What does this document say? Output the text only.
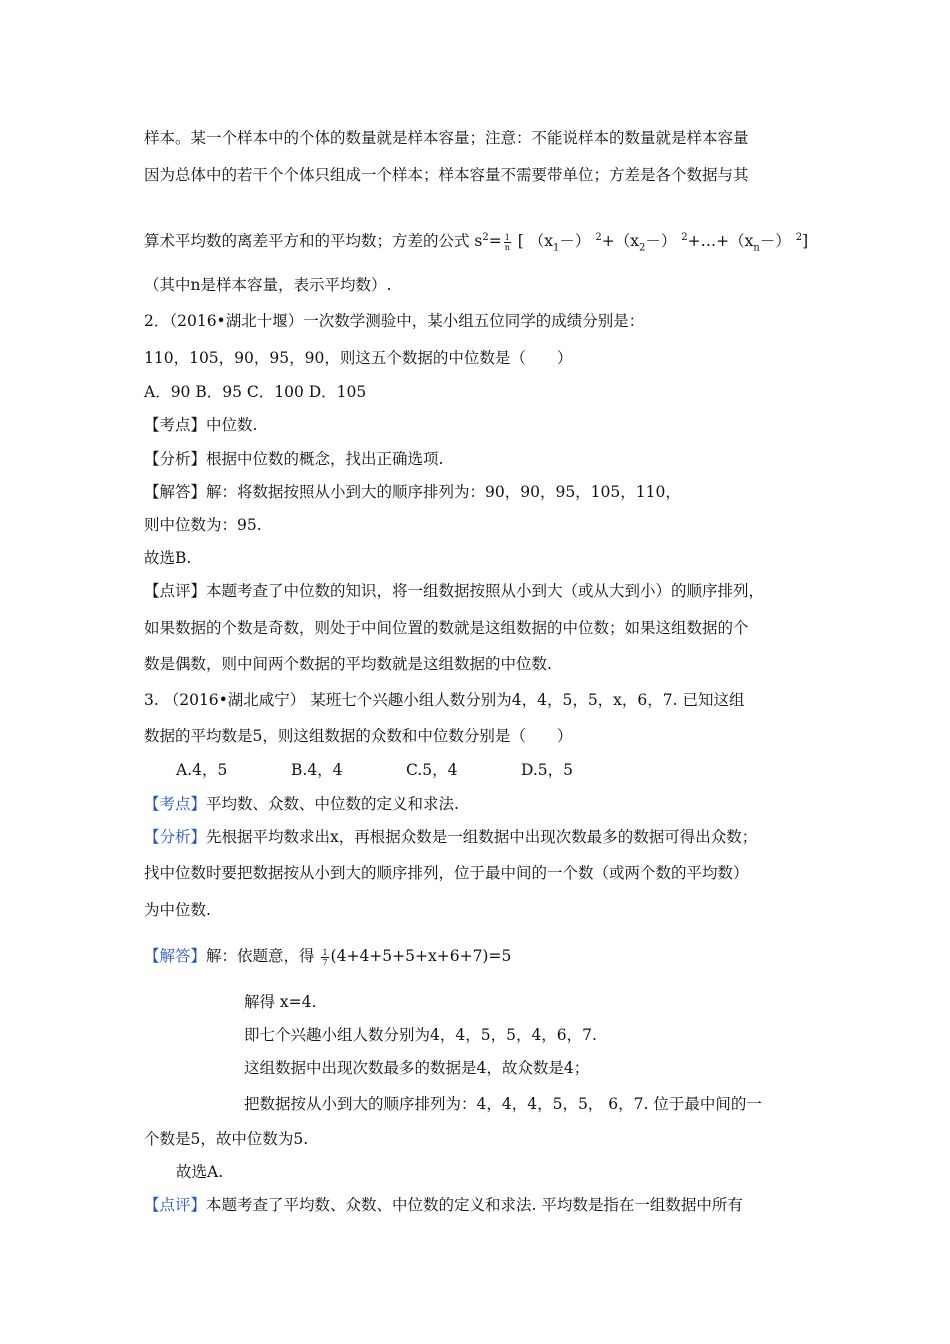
样本。某一个样本中的个体的数量就是样本容量；注意：不能说样本的数量就是样本容量
因为总体中的若干个个体只组成一个样本；样本容量不需要带单位；方差是各个数据与其
算术平均数的离差平方和的平均数；方差的公式 $s^2= \frac{1}{n}$ [ $(x_1-)$ $^2+(x_2-)$ $^2+\dots+(x_n-)$ $^2$]
（其中n是样本容量，表示平均数）.
2．（2016•湖北十堰）一次数学测验中，某小组五位同学的成绩分别是：
110，105，90，95，90，则这五个数据的中位数是（　　）
A．90 B．95 C．100 D．105
【考点】中位数.
【分析】根据中位数的概念，找出正确选项.
【解答】解：将数据按照从小到大的顺序排列为：90，90，95，105，110，
则中位数为：95.
故选B.
【点评】本题考查了中位数的知识，将一组数据按照从小到大（或从大到小）的顺序排列，
如果数据的个数是奇数，则处于中间位置的数就是这组数据的中位数；如果这组数据的个
数是偶数，则中间两个数据的平均数就是这组数据的中位数.
3. （2016•湖北咸宁） 某班七个兴趣小组人数分别为4，4，5，5，x，6，7. 已知这组
数据的平均数是5，则这组数据的众数和中位数分别是（　　）
A.4，5	B.4，4	C.5，4	D.5，5
【考点】平均数、众数、中位数的定义和求法.
【分析】先根据平均数求出x，再根据众数是一组数据中出现次数最多的数据可得出众数；
找中位数时要把数据按从小到大的顺序排列，位于最中间的一个数（或两个数的平均数）
为中位数.
【解答】解：依题意，得 $\frac{1}{7} (4+4+5+5+x+6+7)=5$
解得 x=4.
即七个兴趣小组人数分别为4，4，5，5，4，6，7.
这组数据中出现次数最多的数据是4，故众数是4；
把数据按从小到大的顺序排列为：4，4，4，5，5， 6，7. 位于最中间的一
个数是5，故中位数为5.
故选A.
【点评】本题考查了平均数、众数、中位数的定义和求法. 平均数是指在一组数据中所有
